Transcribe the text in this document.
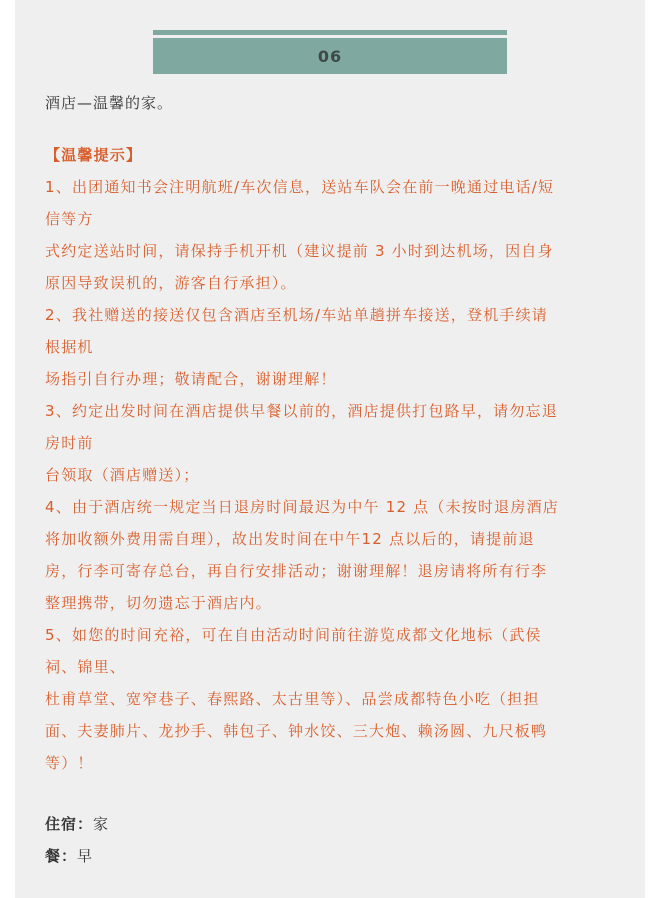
06
酒店—温馨的家。
【温馨提示】
1、出团通知书会注明航班/车次信息，送站车队会在前一晚通过电话/短
信等方
式约定送站时间，请保持手机开机（建议提前 3 小时到达机场，因自身
原因导致误机的，游客自行承担）。
2、我社赠送的接送仅包含酒店至机场/车站单趟拼车接送，登机手续请
根据机
场指引自行办理；敬请配合，谢谢理解！
3、约定出发时间在酒店提供早餐以前的，酒店提供打包路早，请勿忘退
房时前
台领取（酒店赠送）；
4、由于酒店统一规定当日退房时间最迟为中午 12 点（未按时退房酒店
将加收额外费用需自理），故出发时间在中午12 点以后的，请提前退
房，行李可寄存总台，再自行安排活动；谢谢理解！退房请将所有行李
整理携带，切勿遗忘于酒店内。
5、如您的时间充裕，可在自由活动时间前往游览成都文化地标（武侯
祠、锦里、
杜甫草堂、宽窄巷子、春熙路、太古里等）、品尝成都特色小吃（担担
面、夫妻肺片、龙抄手、韩包子、钟水饺、三大炮、赖汤圆、九尺板鸭
等）！
住宿：家
餐：早
